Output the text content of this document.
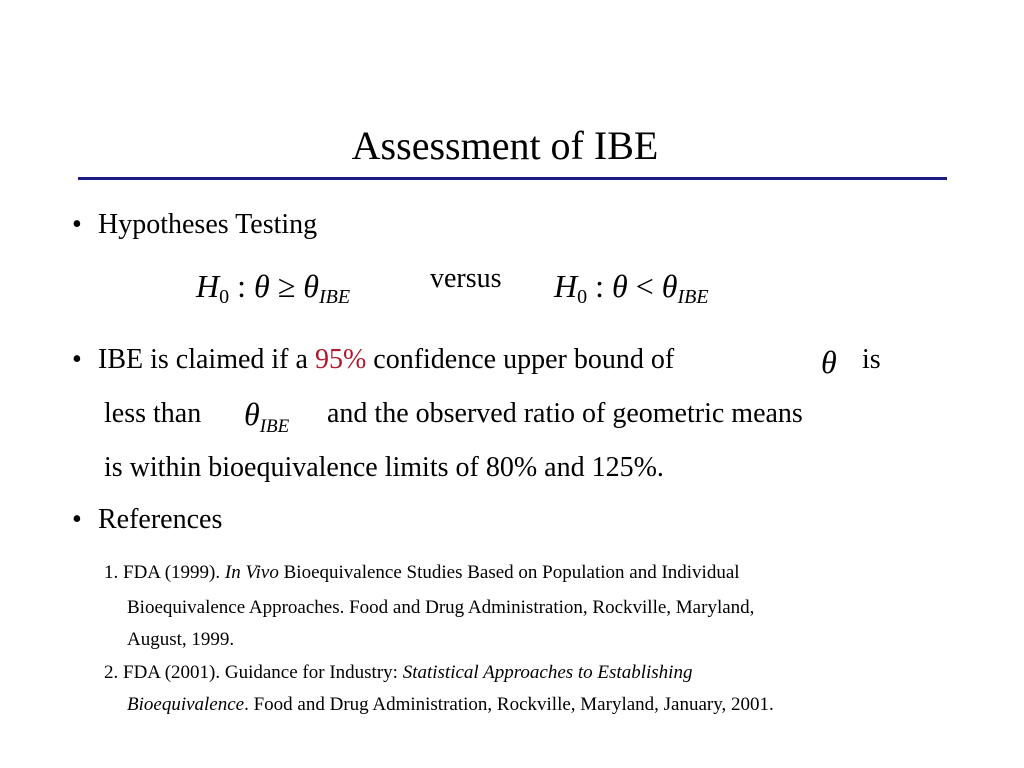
Assessment of IBE
• Hypotheses Testing
$H_0$ : $\theta \ge \theta_{IBE}$
versus $H_0$ : $\theta < \theta_{IBE}$
• IBE is claimed if a 95% confidence upper bound of	θ is
less than $\theta_{IBE}$ and the observed ratio of geometric means
is within bioequivalence limits of 80% and 125%.
• References
1. FDA (1999). In Vivo Bioequivalence Studies Based on Population and Individual
Bioequivalence Approaches. Food and Drug Administration, Rockville, Maryland,
August, 1999.
2. FDA (2001). Guidance for Industry: Statistical Approaches to Establishing
Bioequivalence. Food and Drug Administration, Rockville, Maryland, January, 2001.
